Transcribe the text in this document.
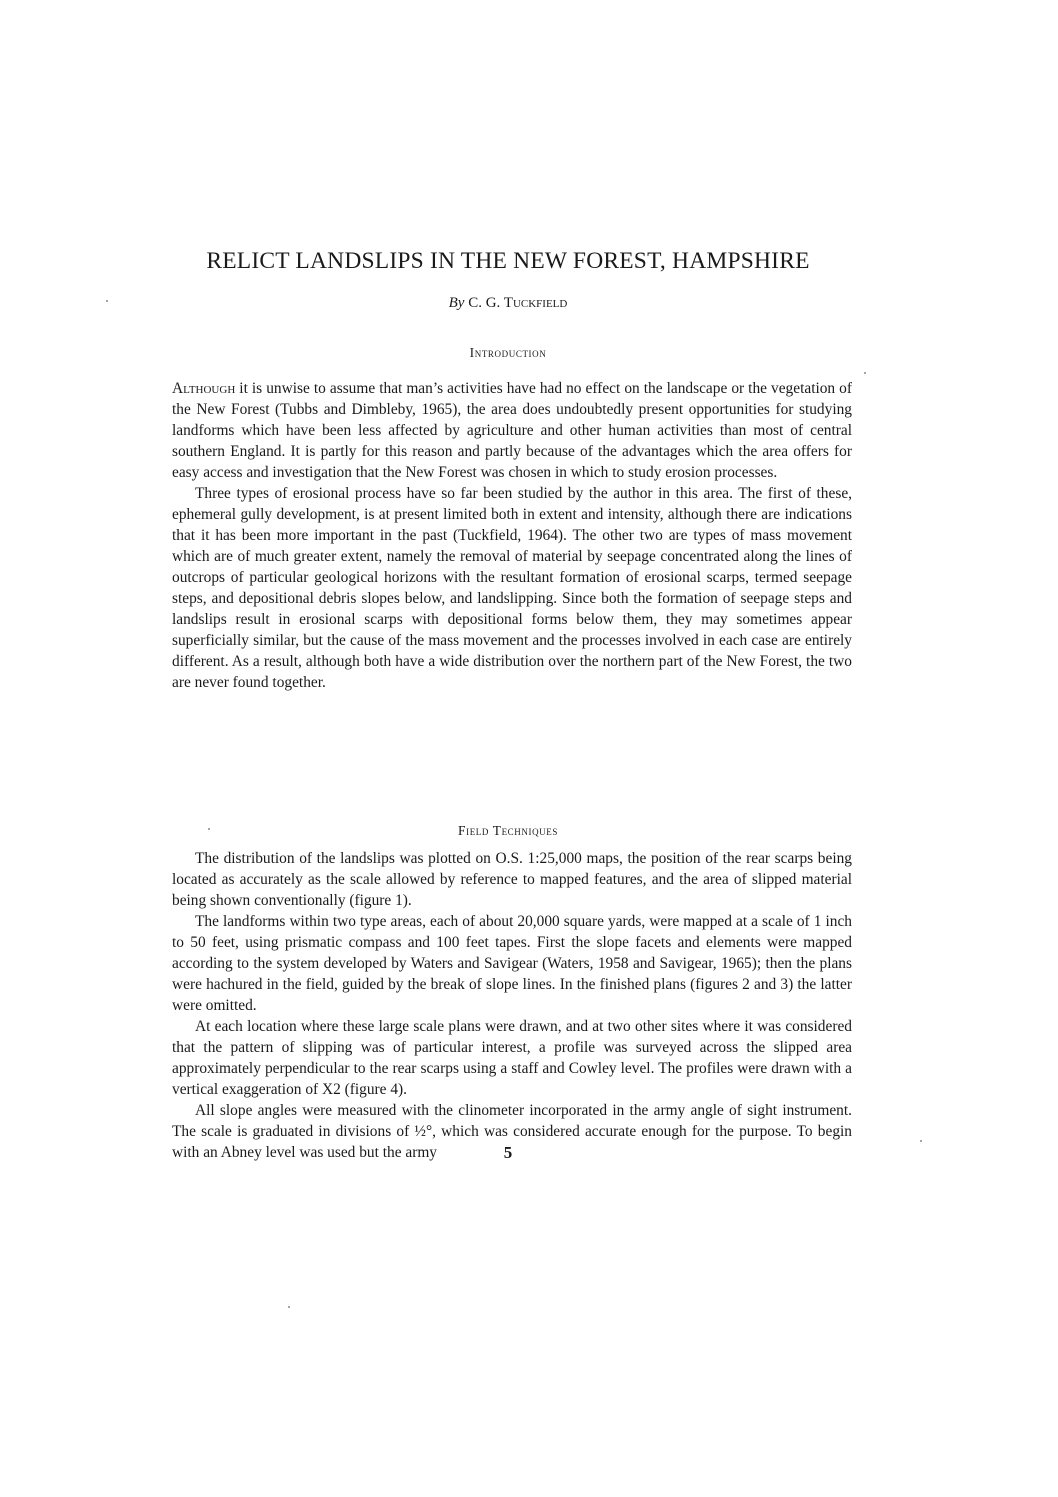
RELICT LANDSLIPS IN THE NEW FOREST, HAMPSHIRE
By C. G. Tuckfield
Introduction

Although it is unwise to assume that man’s activities have had no effect on the landscape or the vegetation of the New Forest (Tubbs and Dimbleby, 1965), the area does undoubtedly present opportunities for studying landforms which have been less affected by agriculture and other human activities than most of central southern England. It is partly for this reason and partly because of the advantages which the area offers for easy access and investigation that the New Forest was chosen in which to study erosion processes.

Three types of erosional process have so far been studied by the author in this area. The first of these, ephemeral gully development, is at present limited both in extent and intensity, although there are indications that it has been more important in the past (Tuckfield, 1964). The other two are types of mass movement which are of much greater extent, namely the removal of material by seepage concentrated along the lines of outcrops of particular geological horizons with the resultant formation of erosional scarps, termed seepage steps, and depositional debris slopes below, and landslipping. Since both the formation of seepage steps and landslips result in erosional scarps with depositional forms below them, they may sometimes appear superficially similar, but the cause of the mass movement and the processes involved in each case are entirely different. As a result, although both have a wide distribution over the northern part of the New Forest, the two are never found together.

Field Techniques

The distribution of the landslips was plotted on O.S. 1:25,000 maps, the position of the rear scarps being located as accurately as the scale allowed by reference to mapped features, and the area of slipped material being shown conventionally (figure 1).

The landforms within two type areas, each of about 20,000 square yards, were mapped at a scale of 1 inch to 50 feet, using prismatic compass and 100 feet tapes. First the slope facets and elements were mapped according to the system developed by Waters and Savigear (Waters, 1958 and Savigear, 1965); then the plans were hachured in the field, guided by the break of slope lines. In the finished plans (figures 2 and 3) the latter were omitted.

At each location where these large scale plans were drawn, and at two other sites where it was considered that the pattern of slipping was of particular interest, a profile was surveyed across the slipped area approximately perpendicular to the rear scarps using a staff and Cowley level. The profiles were drawn with a vertical exaggeration of X2 (figure 4).

All slope angles were measured with the clinometer incorporated in the army angle of sight instrument. The scale is graduated in divisions of ½°, which was considered accurate enough for the purpose. To begin with an Abney level was used but the army	5
